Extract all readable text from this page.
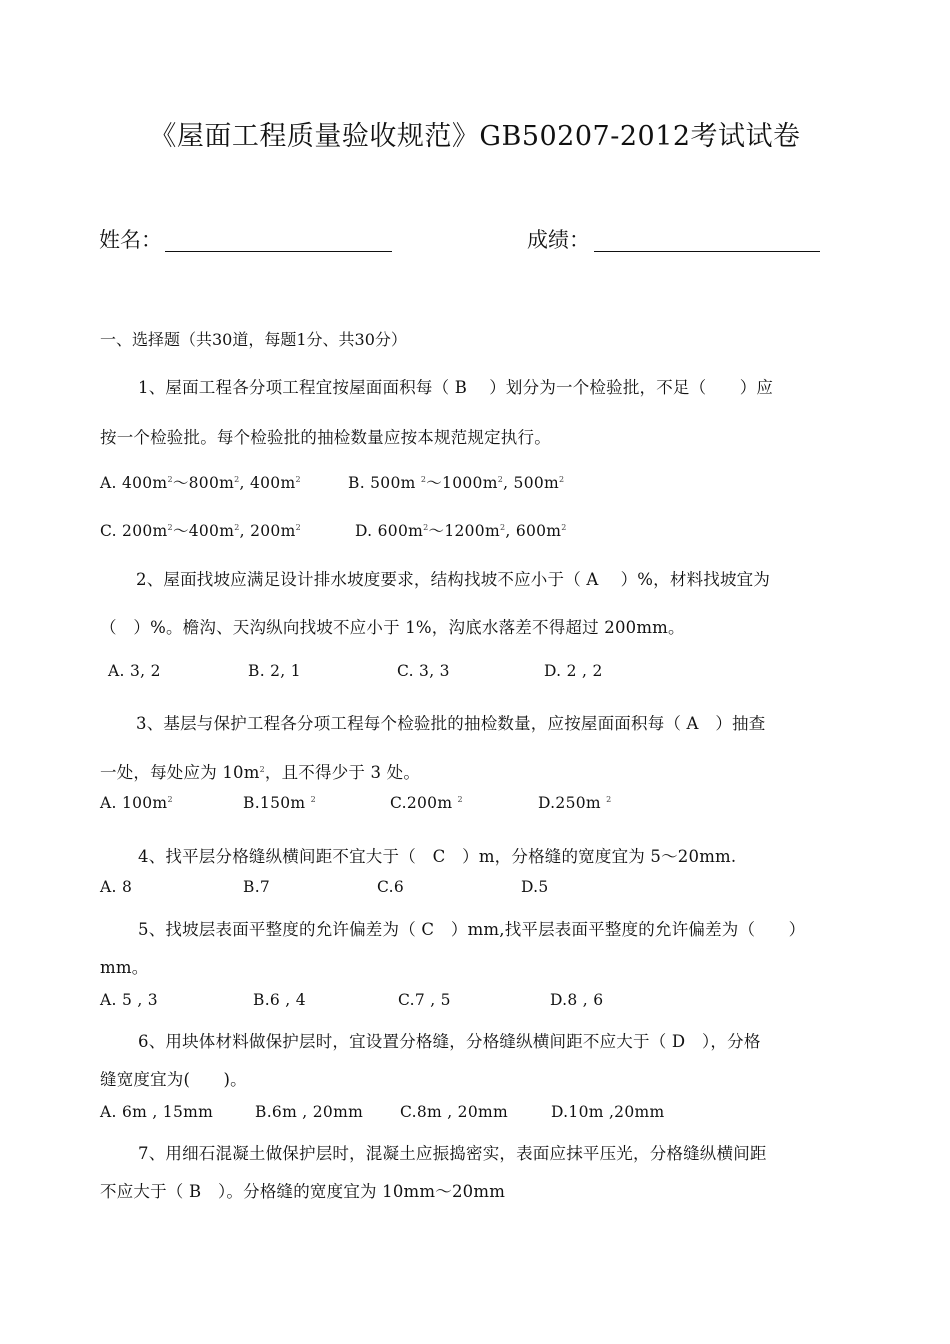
《屋面工程质量验收规范》GB50207-2012考试试卷
姓名：	成绩：
一、选择题（共30道，每题1分、共30分）
1、屋面工程各分项工程宜按屋面面积每（ B　 ）划分为一个检验批，不足（　　）应
按一个检验批。每个检验批的抽检数量应按本规范规定执行。
A. $400m^2\sim 800m^2$, $400m^2$	B. 500m $^2\sim 1000m^2$, $500m^2$
C. $200m^2\sim 400m^2$, $200m^2$	D. $600m^2\sim 1200m^2$, $600m^2$
2、屋面找坡应满足设计排水坡度要求，结构找坡不应小于（ A　 ）%，材料找坡宜为
（　）%。檐沟、天沟纵向找坡不应小于 1%，沟底水落差不得超过 200mm。
A. 3, 2	B. 2, 1	C. 3, 3	D. 2 , 2
3、基层与保护工程各分项工程每个检验批的抽检数量，应按屋面面积每（ A　）抽查
一处，每处应为 $10m^2$，且不得少于 3 处。
A. $100m^2$	B.150m $^2$	C.200m $^2$	D.250m $^2$
4、找平层分格缝纵横间距不宜大于（　C　）m，分格缝的宽度宜为 5～20mm.
A. 8	B.7	C.6	D.5
5、找坡层表面平整度的允许偏差为（ C　）mm,找平层表面平整度的允许偏差为（　　）
mm。
A. 5 , 3	B.6 , 4	C.7 , 5	D.8 , 6
6、用块体材料做保护层时，宜设置分格缝，分格缝纵横间距不应大于（ D　），分格
缝宽度宜为(　　)。
A. 6m , 15mm	B.6m , 20mm C.8m , 20mm	D.10m ,20mm
7、用细石混凝土做保护层时，混凝土应振捣密实，表面应抹平压光，分格缝纵横间距
不应大于（ B　）。分格缝的宽度宜为 10mm～20mm
